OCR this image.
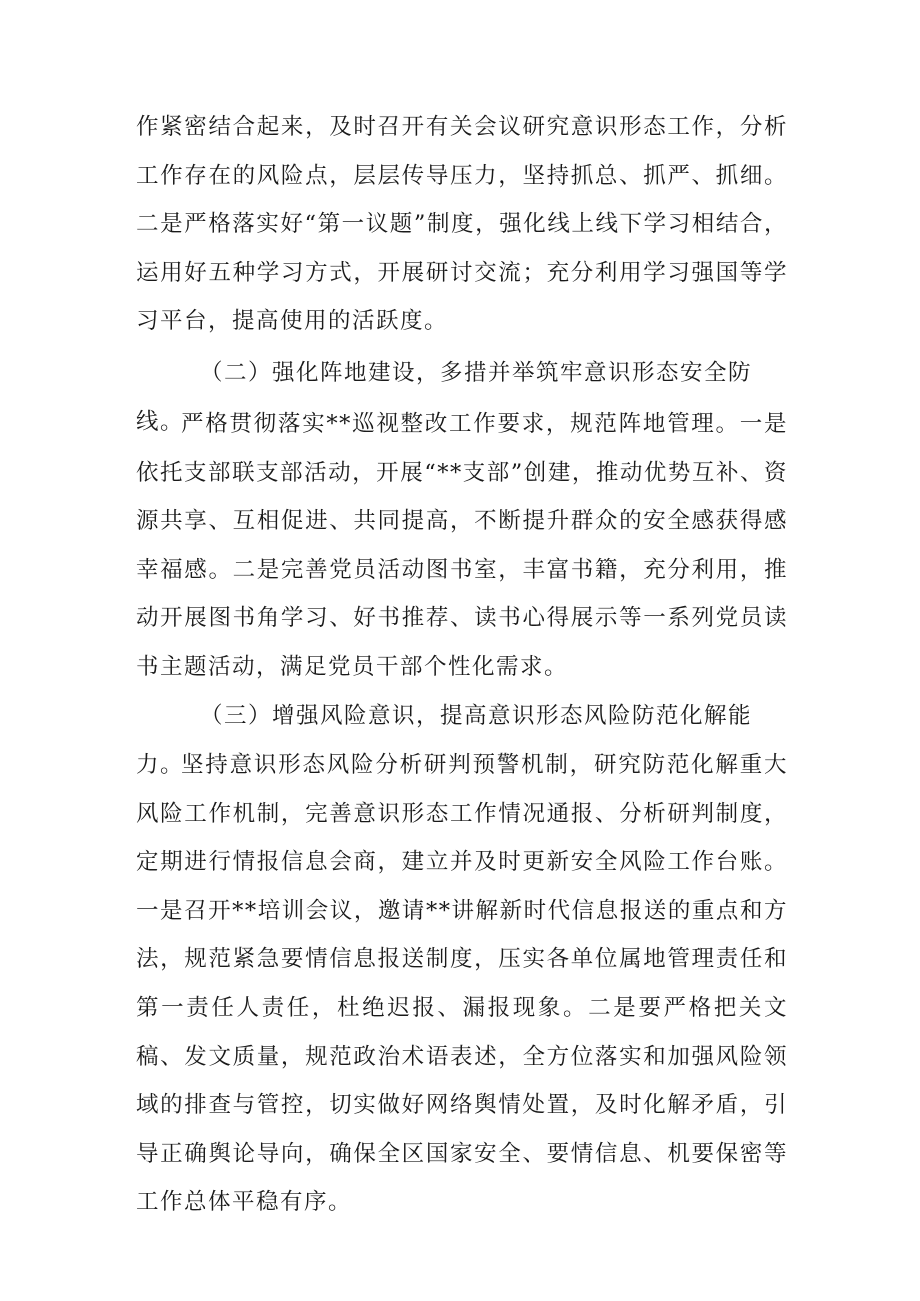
作紧密结合起来，及时召开有关会议研究意识形态工作，分析工作存在的风险点，层层传导压力，坚持抓总、抓严、抓细。二是严格落实好“第一议题”制度，强化线上线下学习相结合，运用好五种学习方式，开展研讨交流；充分利用学习强国等学习平台，提高使用的活跃度。

（二）强化阵地建设，多措并举筑牢意识形态安全防线。

严格贯彻落实**巡视整改工作要求，规范阵地管理。一是依托支部联支部活动，开展“**支部”创建，推动优势互补、资源共享、互相促进、共同提高，不断提升群众的安全感获得感幸福感。二是完善党员活动图书室，丰富书籍，充分利用，推动开展图书角学习、好书推荐、读书心得展示等一系列党员读书主题活动，满足党员干部个性化需求。

（三）增强风险意识，提高意识形态风险防范化解能力。

坚持意识形态风险分析研判预警机制，研究防范化解重大风险工作机制，完善意识形态工作情况通报、分析研判制度，定期进行情报信息会商，建立并及时更新安全风险工作台账。一是召开**培训会议，邀请**讲解新时代信息报送的重点和方法，规范紧急要情信息报送制度，压实各单位属地管理责任和第一责任人责任，杜绝迟报、漏报现象。二是要严格把关文稿、发文质量，规范政治术语表述，全方位落实和加强风险领域的排查与管控，切实做好网络舆情处置，及时化解矛盾，引导正确舆论导向，确保全区国家安全、要情信息、机要保密等工作总体平稳有序。
